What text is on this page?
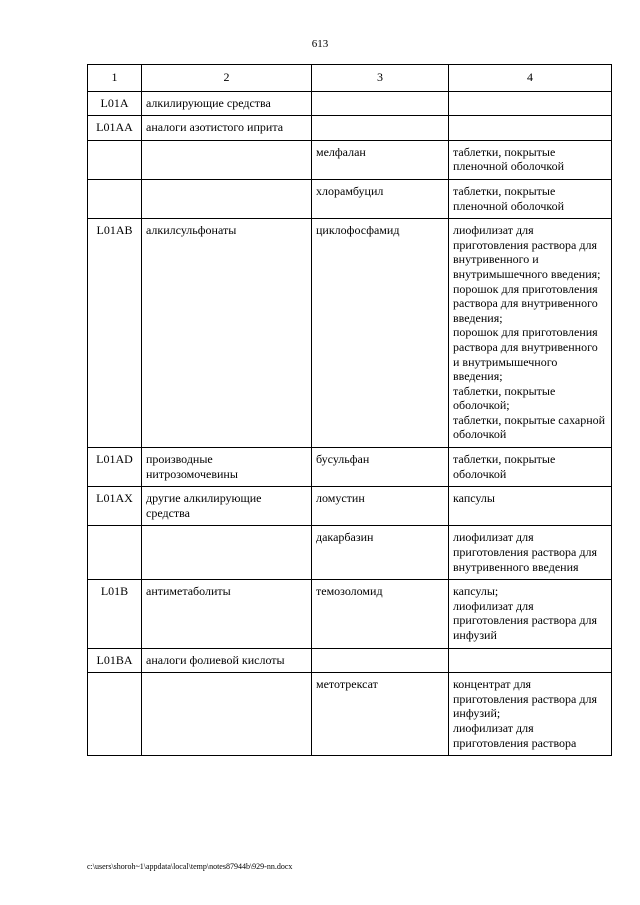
613
1	2	3	4
L01A	алкилирующие средства		
L01AA	аналоги азотистого иприта		
		мелфалан	таблетки, покрытые пленочной оболочкой

		хлорамбуцил	таблетки, покрытые пленочной оболочкой

L01AB	алкилсульфонаты	циклофосфамид	лиофилизат для приготовления раствора для внутривенного и внутримышечного введения;
порошок для приготовления раствора для внутривенного введения;
порошок для приготовления раствора для внутривенного и внутримышечного введения;
таблетки, покрытые оболочкой;
таблетки, покрытые сахарной оболочкой

L01AD	производные нитрозомочевины	бусульфан	таблетки, покрытые оболочкой

L01AX	другие алкилирующие средства	ломустин	капсулы

		дакарбазин	лиофилизат для приготовления раствора для внутривенного введения

L01B	антиметаболиты	темозоломид	капсулы;
лиофилизат для приготовления раствора для инфузий

L01BA	аналоги фолиевой кислоты		
		метотрексат	концентрат для приготовления раствора для инфузий;
лиофилизат для приготовления раствора
c:\users\shoroh~1\appdata\local\temp\notes87944b\929-nn.docx
